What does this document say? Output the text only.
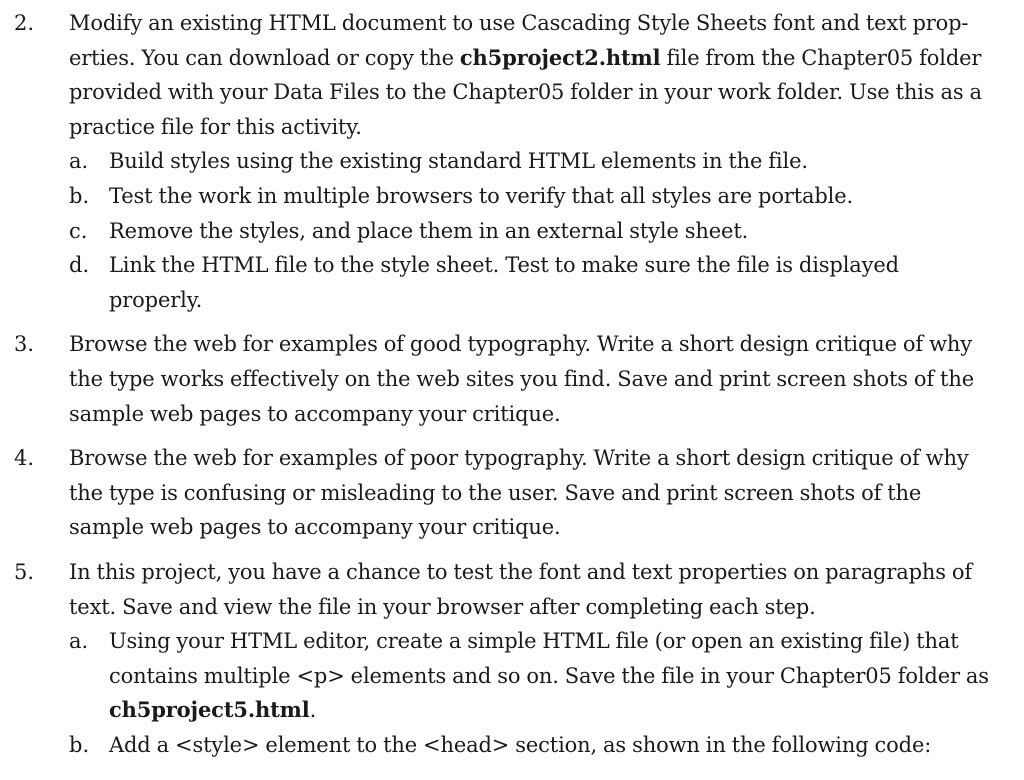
2. Modify an existing HTML document to use Cascading Style Sheets font and text prop-
erties. You can download or copy the ch5project2.html file from the Chapter05 folder
provided with your Data Files to the Chapter05 folder in your work folder. Use this as a
practice file for this activity.
a. Build styles using the existing standard HTML elements in the file.
b. Test the work in multiple browsers to verify that all styles are portable.
c. Remove the styles, and place them in an external style sheet.
d. Link the HTML file to the style sheet. Test to make sure the file is displayed
properly.
3. Browse the web for examples of good typography. Write a short design critique of why
the type works effectively on the web sites you find. Save and print screen shots of the
sample web pages to accompany your critique.
4. Browse the web for examples of poor typography. Write a short design critique of why
the type is confusing or misleading to the user. Save and print screen shots of the
sample web pages to accompany your critique.
5. In this project, you have a chance to test the font and text properties on paragraphs of
text. Save and view the file in your browser after completing each step.
a. Using your HTML editor, create a simple HTML file (or open an existing file) that
contains multiple <p> elements and so on. Save the file in your Chapter05 folder as
ch5project5.html.
b. Add a <style> element to the <head> section, as shown in the following code:
